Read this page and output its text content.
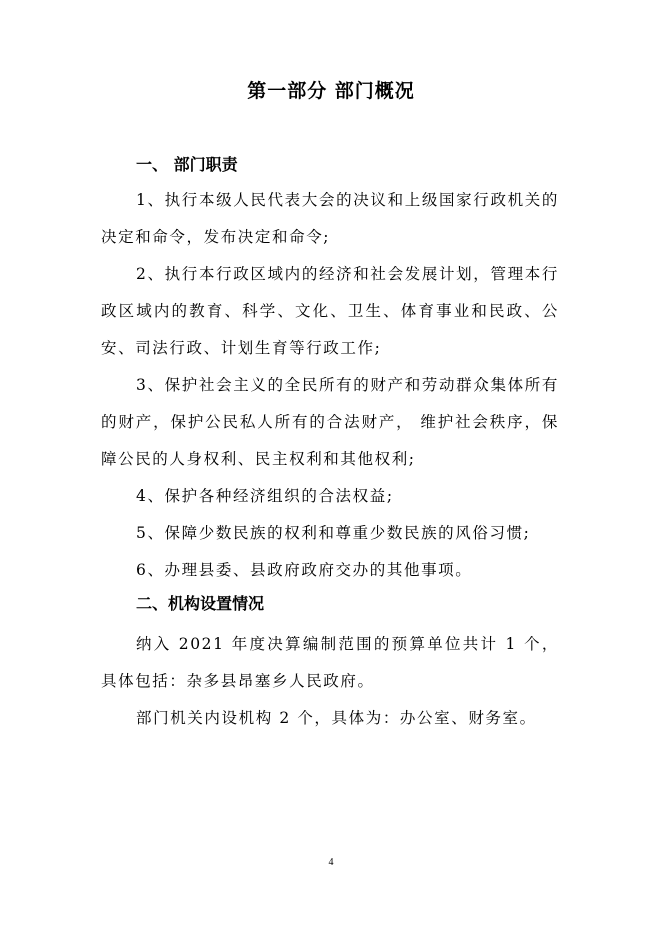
第一部分 部门概况
一、 部门职责
1、执行本级人民代表大会的决议和上级国家行政机关的决定和命令，发布决定和命令;
2、执行本行政区域内的经济和社会发展计划，管理本行政区域内的教育、科学、文化、卫生、体育事业和民政、公安、司法行政、计划生育等行政工作;
3、保护社会主义的全民所有的财产和劳动群众集体所有的财产，保护公民私人所有的合法财产， 维护社会秩序，保障公民的人身权利、民主权利和其他权利;
4、保护各种经济组织的合法权益;
5、保障少数民族的权利和尊重少数民族的风俗习惯;
6、办理县委、县政府政府交办的其他事项。
二、机构设置情况
纳入 2021 年度决算编制范围的预算单位共计 1 个，具体包括：杂多县昂塞乡人民政府。
部门机关内设机构 2 个，具体为：办公室、财务室。
4
